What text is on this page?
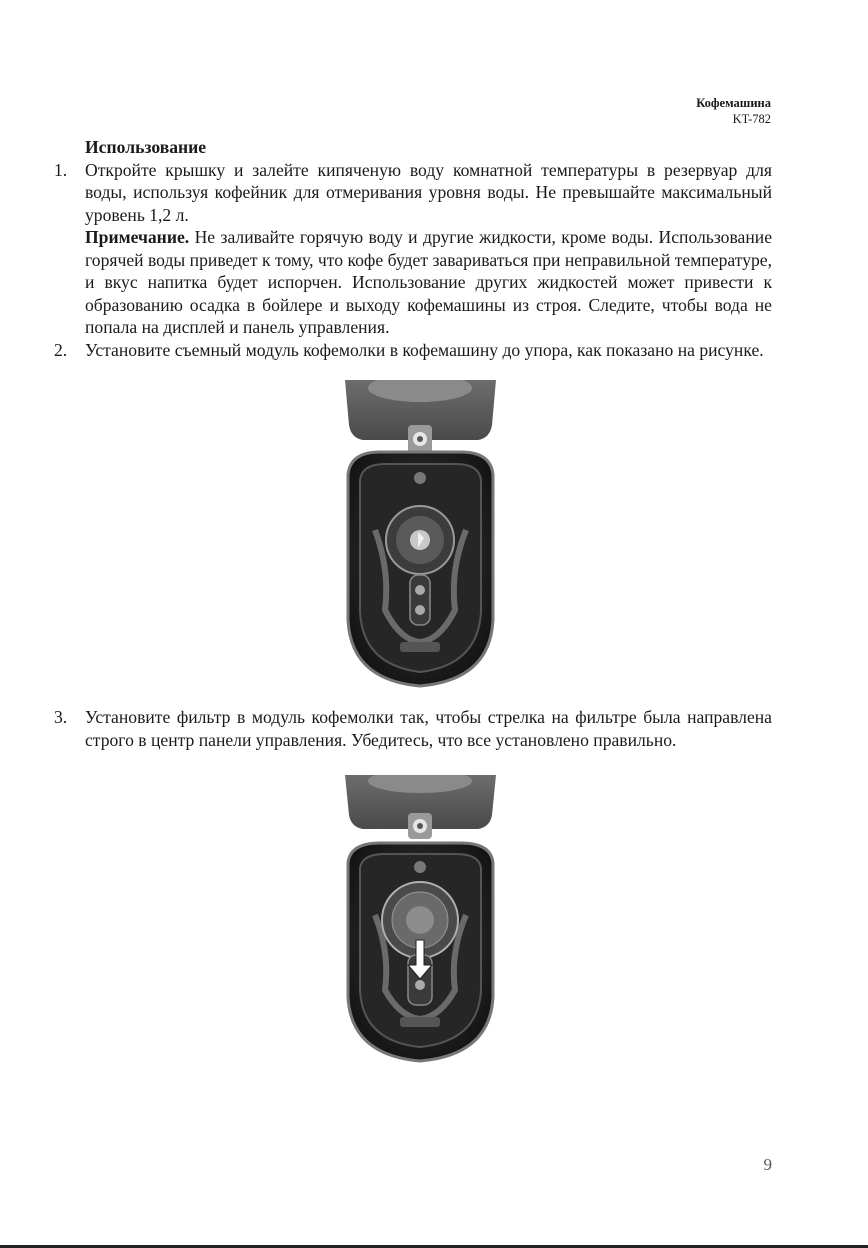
Кофемашина
KT-782
Использование
1.	Откройте крышку и залейте кипяченую воду комнатной температуры в резервуар для воды, используя кофейник для отмеривания уровня воды. Не превышайте максимальный уровень 1,2 л.
Примечание. Не заливайте горячую воду и другие жидкости, кроме воды. Использование горячей воды приведет к тому, что кофе будет завариваться при неправильной температуре, и вкус напитка будет испорчен. Использование других жидкостей может привести к образованию осадка в бойлере и выходу кофемашины из строя. Следите, чтобы вода не попала на дисплей и панель управления.
2.	Установите съемный модуль кофемолки в кофемашину до упора, как показано на рисунке.
3.	Установите фильтр в модуль кофемолки так, чтобы стрелка на фильтре была направлена строго в центр панели управления. Убедитесь, что все установлено правильно.
9
